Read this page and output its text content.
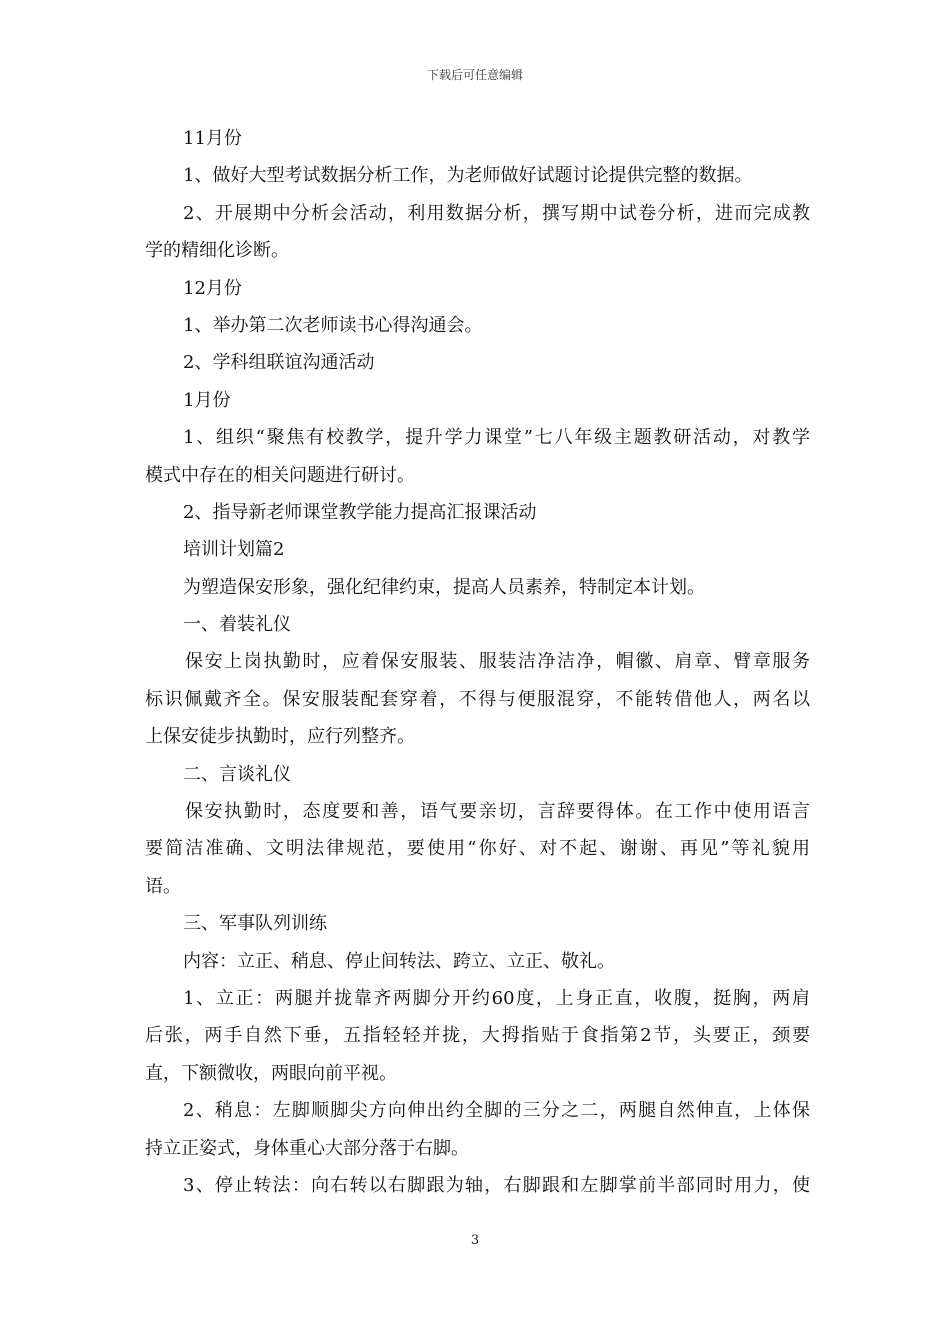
下载后可任意编辑
11月份
1、做好大型考试数据分析工作，为老师做好试题讨论提供完整的数据。
2、开展期中分析会活动，利用数据分析，撰写期中试卷分析，进而完成教
学的精细化诊断。
12月份
1、举办第二次老师读书心得沟通会。
2、学科组联谊沟通活动
1月份
1、组织“聚焦有校教学，提升学力课堂”七八年级主题教研活动，对教学
模式中存在的相关问题进行研讨。
2、指导新老师课堂教学能力提高汇报课活动
培训计划篇2
为塑造保安形象，强化纪律约束，提高人员素养，特制定本计划。
一、着装礼仪
保安上岗执勤时，应着保安服装、服装洁净洁净，帽徽、肩章、臂章服务
标识佩戴齐全。保安服装配套穿着，不得与便服混穿，不能转借他人，两名以
上保安徒步执勤时，应行列整齐。
二、言谈礼仪
保安执勤时，态度要和善，语气要亲切，言辞要得体。在工作中使用语言
要简洁准确、文明法律规范，要使用“你好、对不起、谢谢、再见”等礼貌用
语。
三、军事队列训练
内容：立正、稍息、停止间转法、跨立、立正、敬礼。
1、立正：两腿并拢靠齐两脚分开约60度，上身正直，收腹，挺胸，两肩
后张，两手自然下垂，五指轻轻并拢，大拇指贴于食指第2节，头要正，颈要
直，下额微收，两眼向前平视。
2、稍息：左脚顺脚尖方向伸出约全脚的三分之二，两腿自然伸直，上体保
持立正姿式，身体重心大部分落于右脚。
3、停止转法：向右转以右脚跟为轴，右脚跟和左脚掌前半部同时用力，使
3
